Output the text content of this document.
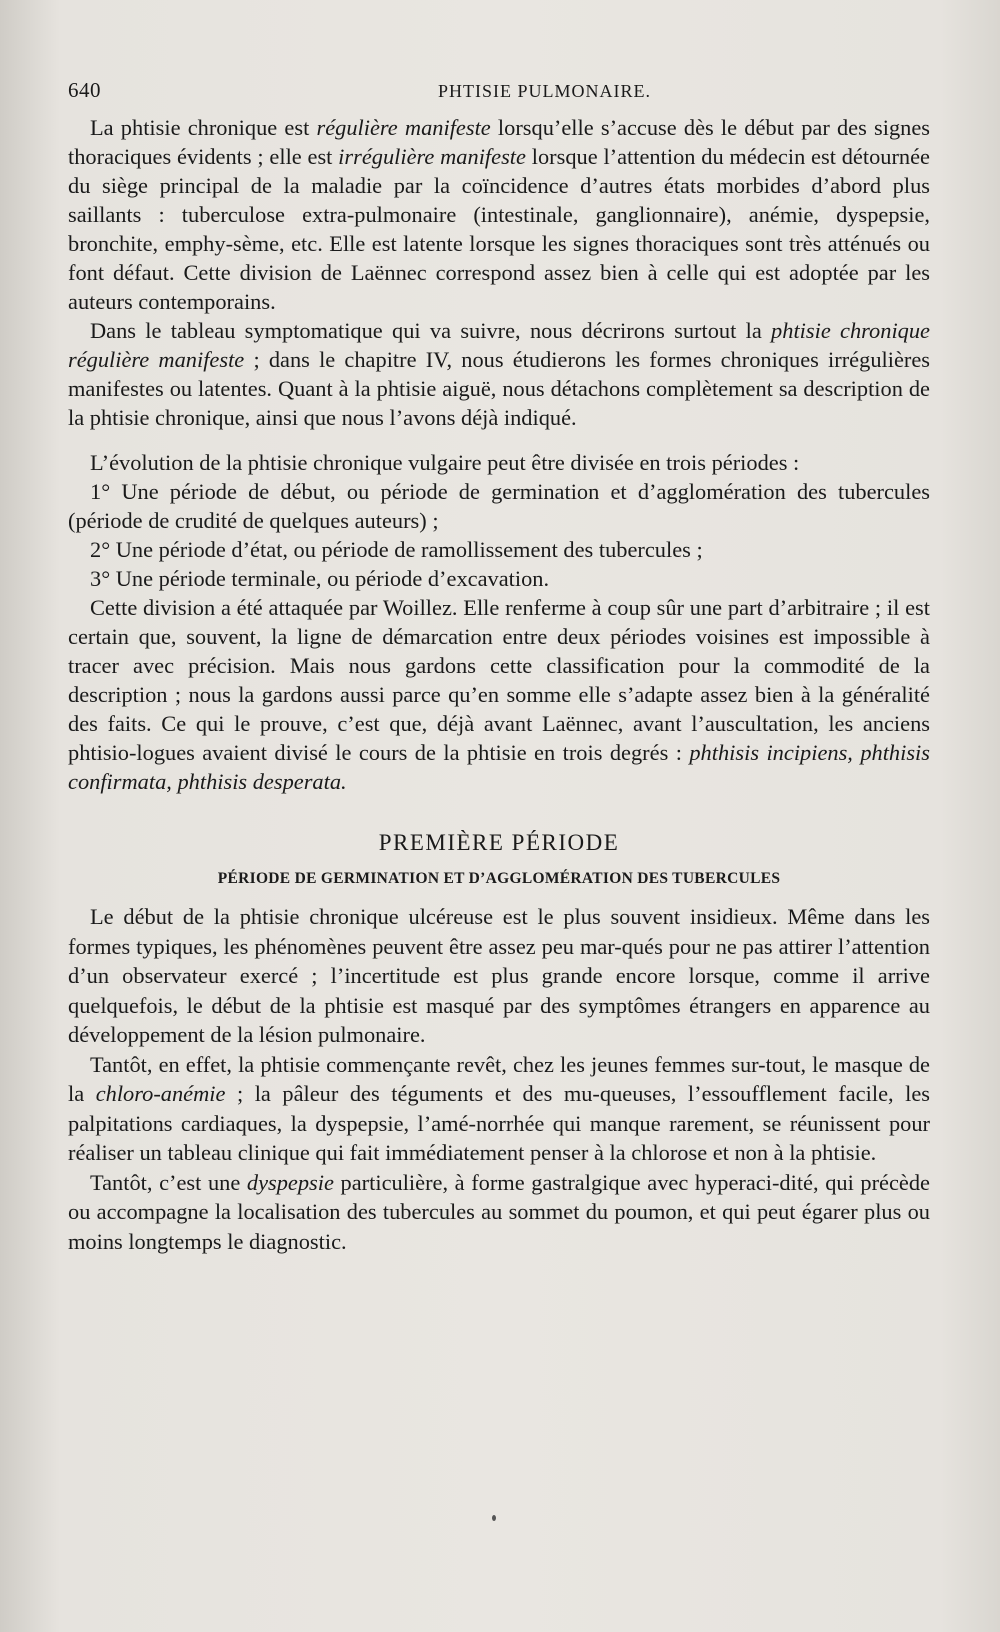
640	PHTISIE PULMONAIRE.

La phtisie chronique est régulière manifeste lorsqu’elle s’accuse dès le début par des signes thoraciques évidents ; elle est irrégulière manifeste lorsque l’attention du médecin est détournée du siège principal de la maladie par la coïncidence d’autres états morbides d’abord plus saillants : tuberculose extra-pulmonaire (intestinale, ganglionnaire), anémie, dyspepsie, bronchite, emphy-sème, etc. Elle est latente lorsque les signes thoraciques sont très atténués ou font défaut. Cette division de Laënnec correspond assez bien à celle qui est adoptée par les auteurs contemporains.

Dans le tableau symptomatique qui va suivre, nous décrirons surtout la phtisie chronique régulière manifeste ; dans le chapitre IV, nous étudierons les formes chroniques irrégulières manifestes ou latentes. Quant à la phtisie aiguë, nous détachons complètement sa description de la phtisie chronique, ainsi que nous l’avons déjà indiqué.

L’évolution de la phtisie chronique vulgaire peut être divisée en trois périodes :

1° Une période de début, ou période de germination et d’agglomération des tubercules (période de crudité de quelques auteurs) ;

2° Une période d’état, ou période de ramollissement des tubercules ;

3° Une période terminale, ou période d’excavation.

Cette division a été attaquée par Woillez. Elle renferme à coup sûr une part d’arbitraire ; il est certain que, souvent, la ligne de démarcation entre deux périodes voisines est impossible à tracer avec précision. Mais nous gardons cette classification pour la commodité de la description ; nous la gardons aussi parce qu’en somme elle s’adapte assez bien à la généralité des faits. Ce qui le prouve, c’est que, déjà avant Laënnec, avant l’auscultation, les anciens phtisio-logues avaient divisé le cours de la phtisie en trois degrés : phthisis incipiens, phthisis confirmata, phthisis desperata.

PREMIÈRE PÉRIODE
PÉRIODE DE GERMINATION ET D’AGGLOMÉRATION DES TUBERCULES

Le début de la phtisie chronique ulcéreuse est le plus souvent insidieux. Même dans les formes typiques, les phénomènes peuvent être assez peu mar-qués pour ne pas attirer l’attention d’un observateur exercé ; l’incertitude est plus grande encore lorsque, comme il arrive quelquefois, le début de la phtisie est masqué par des symptômes étrangers en apparence au développement de la lésion pulmonaire.

Tantôt, en effet, la phtisie commençante revêt, chez les jeunes femmes sur-tout, le masque de la chloro-anémie ; la pâleur des téguments et des mu-queuses, l’essoufflement facile, les palpitations cardiaques, la dyspepsie, l’amé-norrhée qui manque rarement, se réunissent pour réaliser un tableau clinique qui fait immédiatement penser à la chlorose et non à la phtisie.

Tantôt, c’est une dyspepsie particulière, à forme gastralgique avec hyperaci-dité, qui précède ou accompagne la localisation des tubercules au sommet du poumon, et qui peut égarer plus ou moins longtemps le diagnostic.
